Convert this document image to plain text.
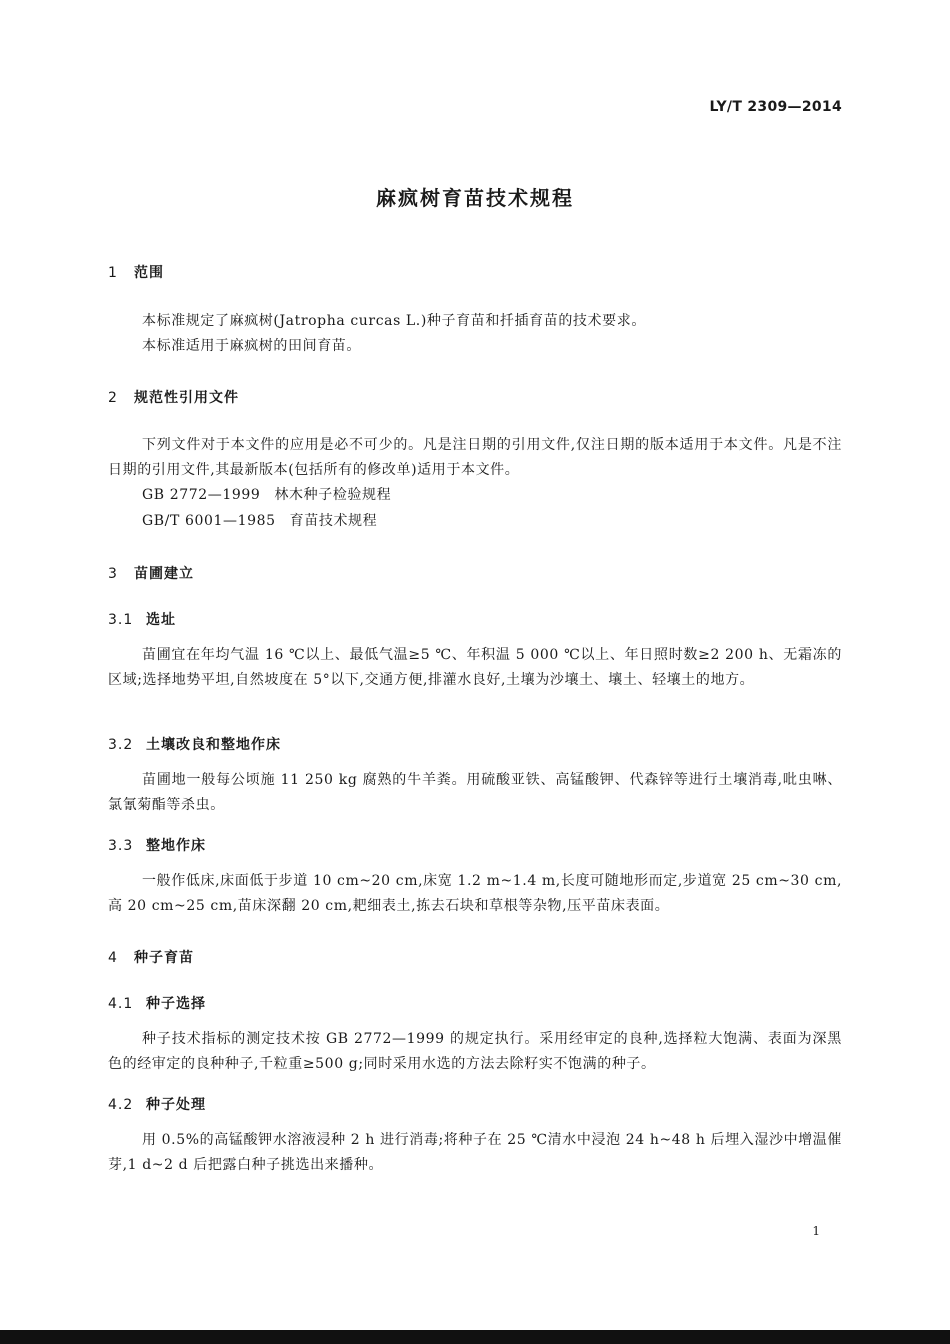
LY/T 2309—2014
麻疯树育苗技术规程
1 范围

本标准规定了麻疯树(Jatropha curcas L.)种子育苗和扦插育苗的技术要求。

本标准适用于麻疯树的田间育苗。

2 规范性引用文件

下列文件对于本文件的应用是必不可少的。凡是注日期的引用文件,仅注日期的版本适用于本文件。凡是不注日期的引用文件,其最新版本(包括所有的修改单)适用于本文件。

GB 2772—1999 林木种子检验规程

GB/T 6001—1985 育苗技术规程

3 苗圃建立
3.1 选址

苗圃宜在年均气温 16 ℃以上、最低气温≥5 ℃、年积温 5 000 ℃以上、年日照时数≥2 200 h、无霜冻的区域;选择地势平坦,自然坡度在 5°以下,交通方便,排灌水良好,土壤为沙壤土、壤土、轻壤土的地方。

3.2 土壤改良和整地作床

苗圃地一般每公顷施 11 250 kg 腐熟的牛羊粪。用硫酸亚铁、高锰酸钾、代森锌等进行土壤消毒,吡虫啉、氯氰菊酯等杀虫。

3.3 整地作床

一般作低床,床面低于步道 10 cm~20 cm,床宽 1.2 m~1.4 m,长度可随地形而定,步道宽 25 cm~30 cm,高 20 cm~25 cm,苗床深翻 20 cm,耙细表土,拣去石块和草根等杂物,压平苗床表面。

4 种子育苗
4.1 种子选择

种子技术指标的测定技术按 GB 2772—1999 的规定执行。采用经审定的良种,选择粒大饱满、表面为深黑色的经审定的良种种子,千粒重≥500 g;同时采用水选的方法去除籽实不饱满的种子。

4.2 种子处理

用 0.5%的高锰酸钾水溶液浸种 2 h 进行消毒;将种子在 25 ℃清水中浸泡 24 h~48 h 后埋入湿沙中增温催芽,1 d~2 d 后把露白种子挑选出来播种。

1
